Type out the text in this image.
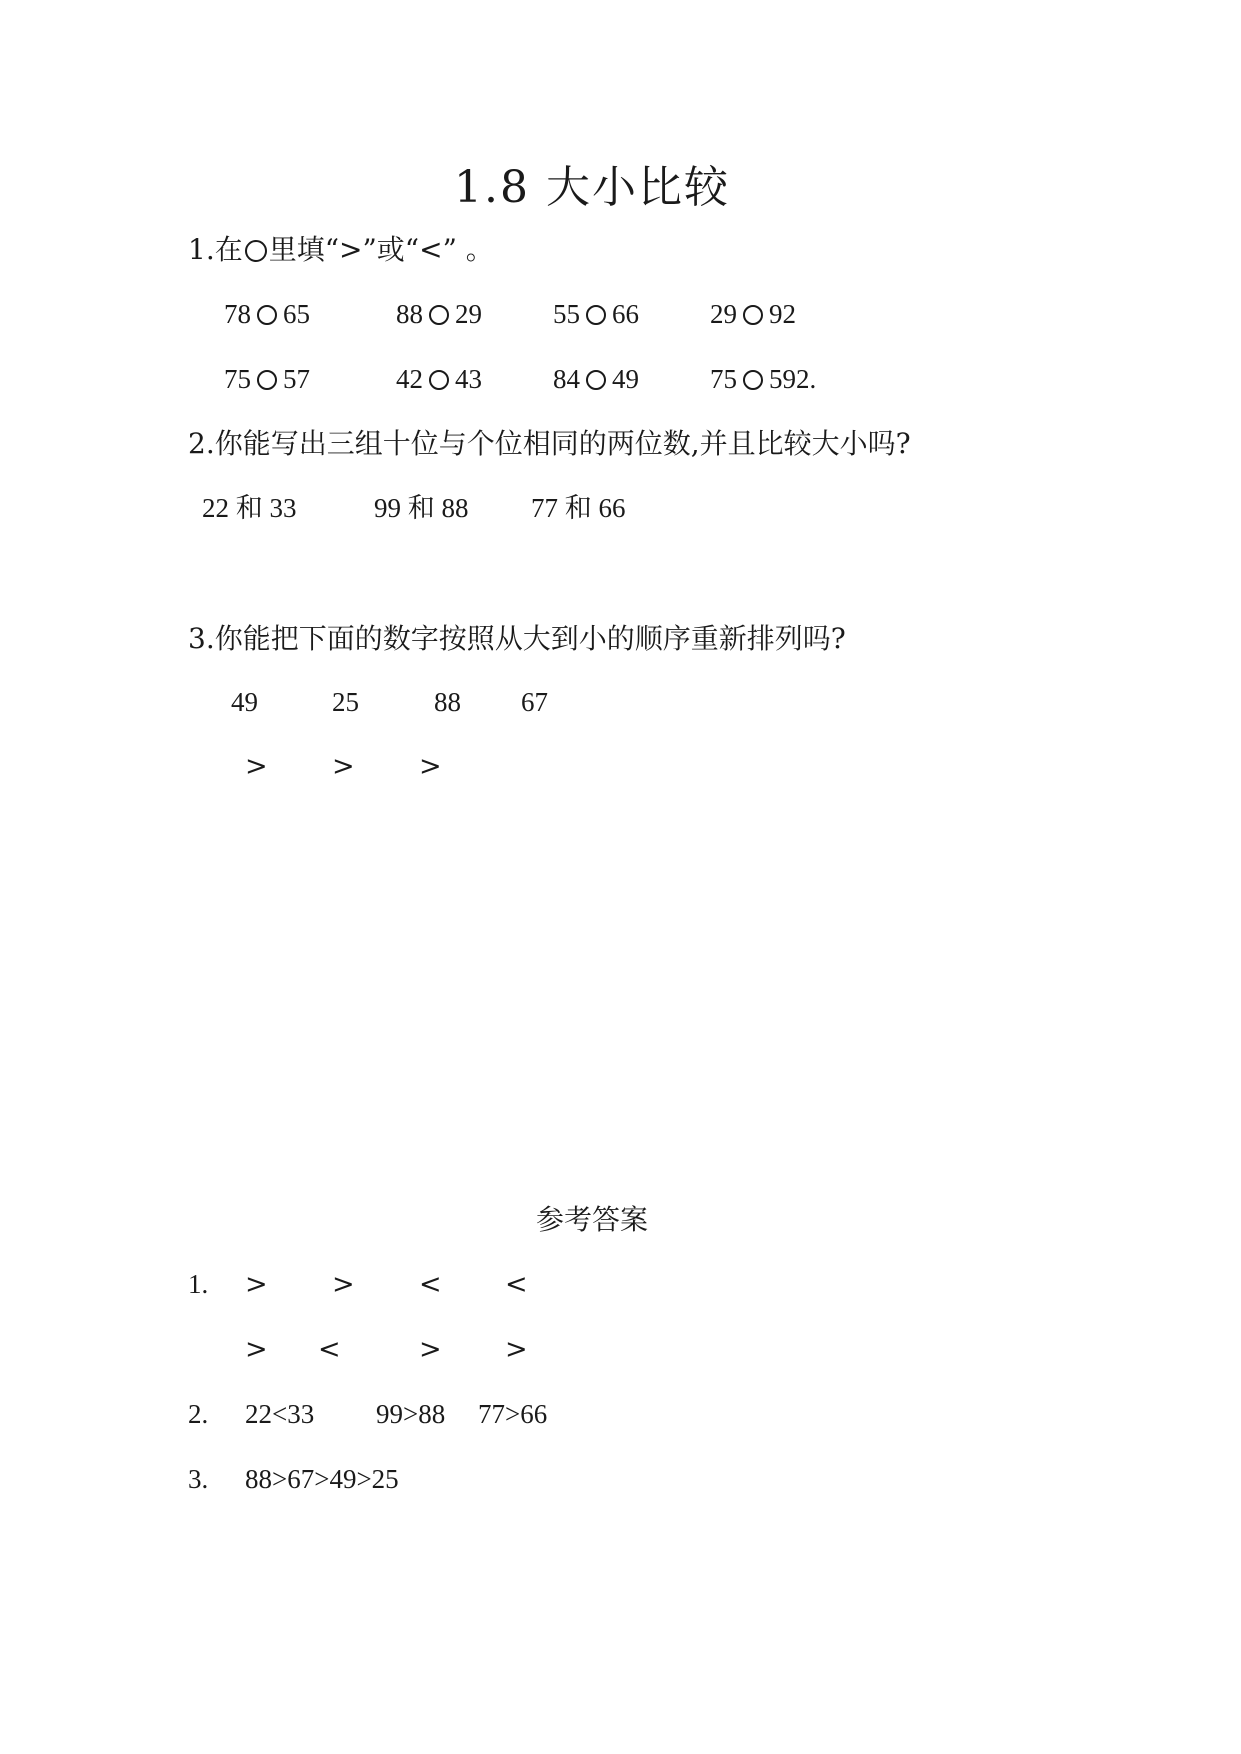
1.8 大小比较
1.在 里填“>”或“<” 。
78 65	88 29	55 66	29 92
75 57	42 43	84 49	75 592.
2.你能写出三组十位与个位相同的两位数,并且比较大小吗?
22 和 33	99 和 88 77 和 66
3.你能把下面的数字按照从大到小的顺序重新排列吗?
49	25	88 67
> > >
参考答案
1. > > < <
> <	> >
2. 22<33 99>88 77>66
3. 88>67>49>25
